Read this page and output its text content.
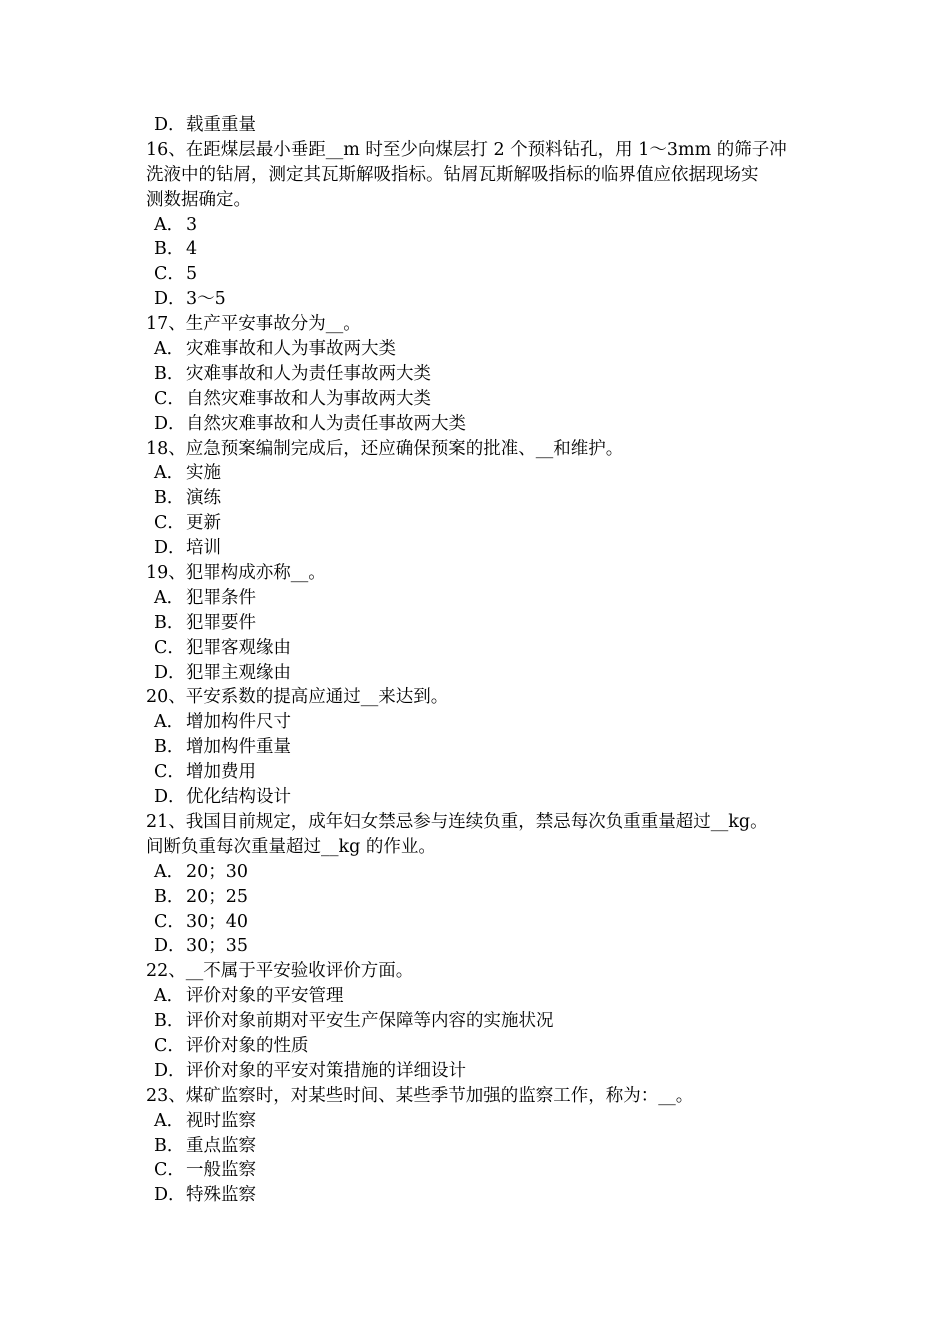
D．载重重量
16、在距煤层最小垂距__m 时至少向煤层打 2 个预料钻孔，用 1～3mm 的筛子冲
洗液中的钻屑，测定其瓦斯解吸指标。钻屑瓦斯解吸指标的临界值应依据现场实
测数据确定。
A． 3
B．4
C．5
D．3～5
17、生产平安事故分为__。
A． 灾难事故和人为事故两大类
B．灾难事故和人为责任事故两大类
C．自然灾难事故和人为事故两大类
D．自然灾难事故和人为责任事故两大类
18、应急预案编制完成后，还应确保预案的批准、__和维护。
A． 实施
B．演练
C．更新
D．培训
19、犯罪构成亦称__。
A． 犯罪条件
B．犯罪要件
C．犯罪客观缘由
D．犯罪主观缘由
20、平安系数的提高应通过__来达到。
A． 增加构件尺寸
B．增加构件重量
C．增加费用
D．优化结构设计
21、我国目前规定，成年妇女禁忌参与连续负重，禁忌每次负重重量超过__kg。
间断负重每次重量超过__kg 的作业。
A． 20；30
B．20；25
C．30；40
D．30；35
22、__不属于平安验收评价方面。
A． 评价对象的平安管理
B．评价对象前期对平安生产保障等内容的实施状况
C．评价对象的性质
D．评价对象的平安对策措施的详细设计
23、煤矿监察时，对某些时间、某些季节加强的监察工作，称为：__。
A． 视时监察
B．重点监察
C．一般监察
D．特殊监察
